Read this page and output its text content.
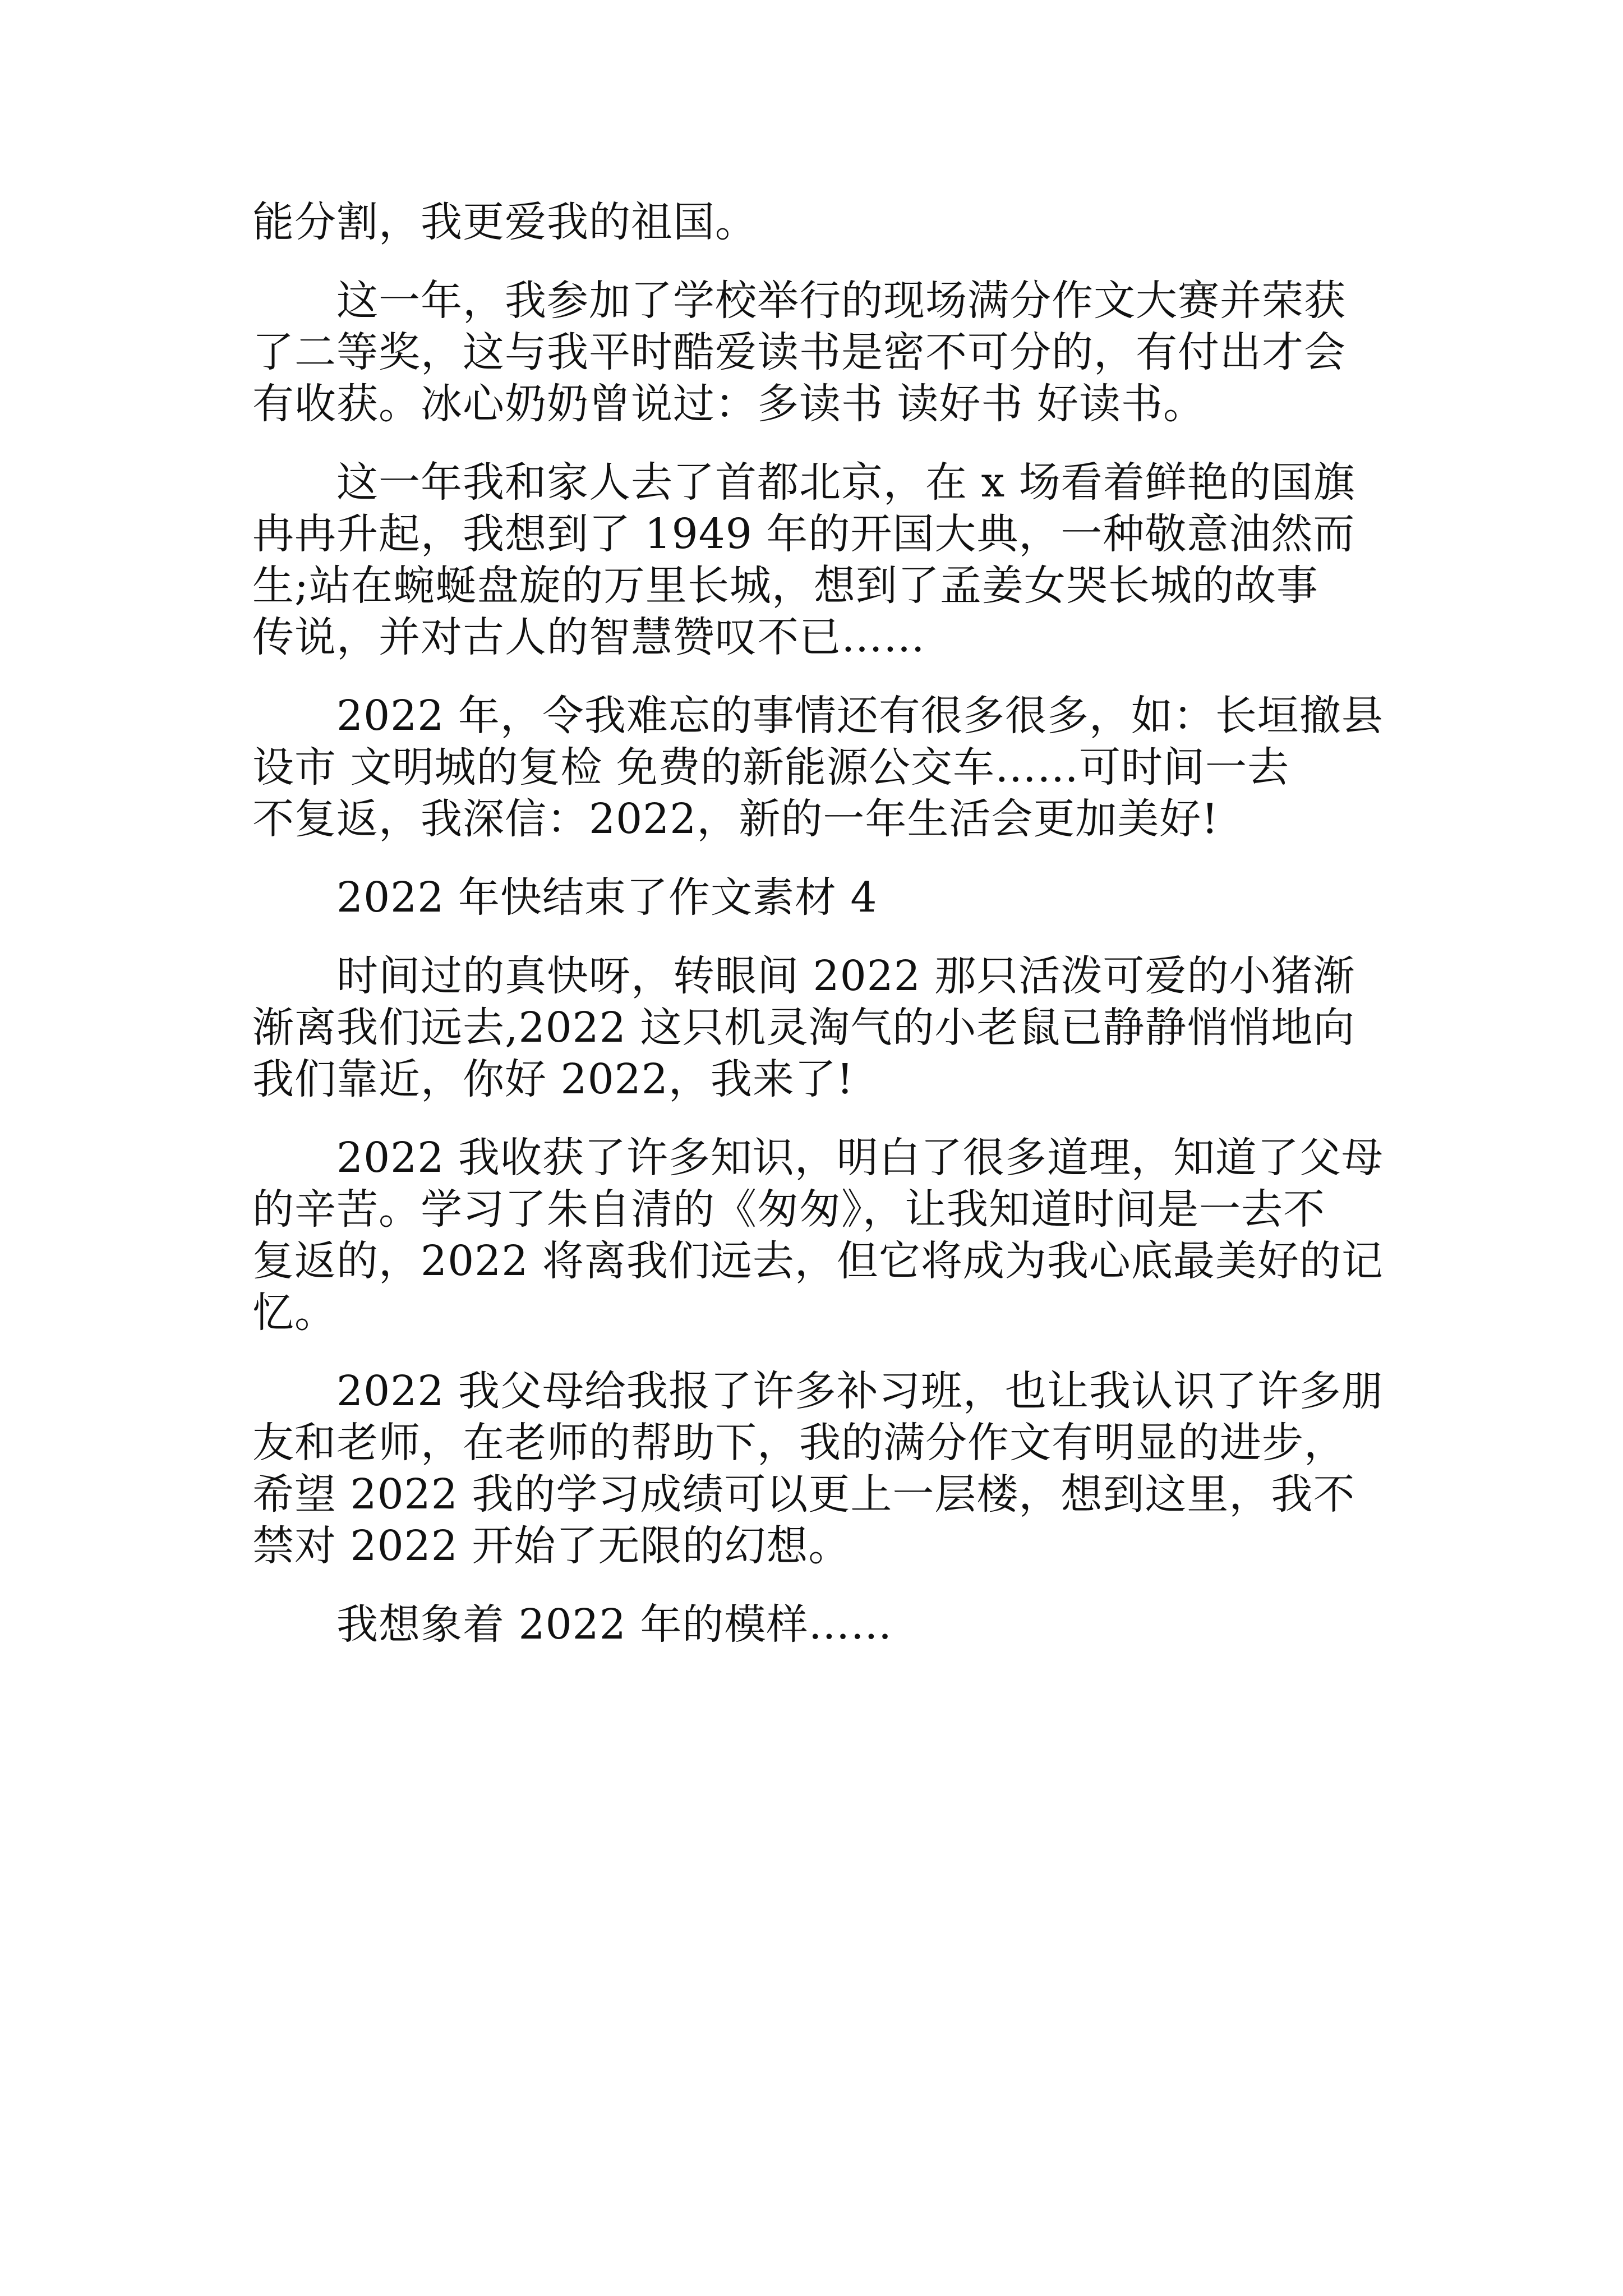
能分割，我更爱我的祖国。
这一年，我参加了学校举行的现场满分作文大赛并荣获
了二等奖，这与我平时酷爱读书是密不可分的，有付出才会
有收获。冰心奶奶曾说过：多读书 读好书 好读书。
这一年我和家人去了首都北京，在 x 场看着鲜艳的国旗
冉冉升起，我想到了 1949 年的开国大典，一种敬意油然而
生;站在蜿蜒盘旋的万里长城，想到了孟姜女哭长城的故事
传说，并对古人的智慧赞叹不已……
2022 年，令我难忘的事情还有很多很多，如：长垣撤县
设市 文明城的复检 免费的新能源公交车……可时间一去
不复返，我深信：2022，新的一年生活会更加美好!
2022 年快结束了作文素材 4
时间过的真快呀，转眼间 2022 那只活泼可爱的小猪渐
渐离我们远去,2022 这只机灵淘气的小老鼠已静静悄悄地向
我们靠近，你好 2022，我来了!
2022 我收获了许多知识，明白了很多道理，知道了父母
的辛苦。学习了朱自清的《匆匆》，让我知道时间是一去不
复返的，2022 将离我们远去，但它将成为我心底最美好的记
忆。
2022 我父母给我报了许多补习班，也让我认识了许多朋
友和老师，在老师的帮助下，我的满分作文有明显的进步，
希望 2022 我的学习成绩可以更上一层楼，想到这里，我不
禁对 2022 开始了无限的幻想。
我想象着 2022 年的模样……
